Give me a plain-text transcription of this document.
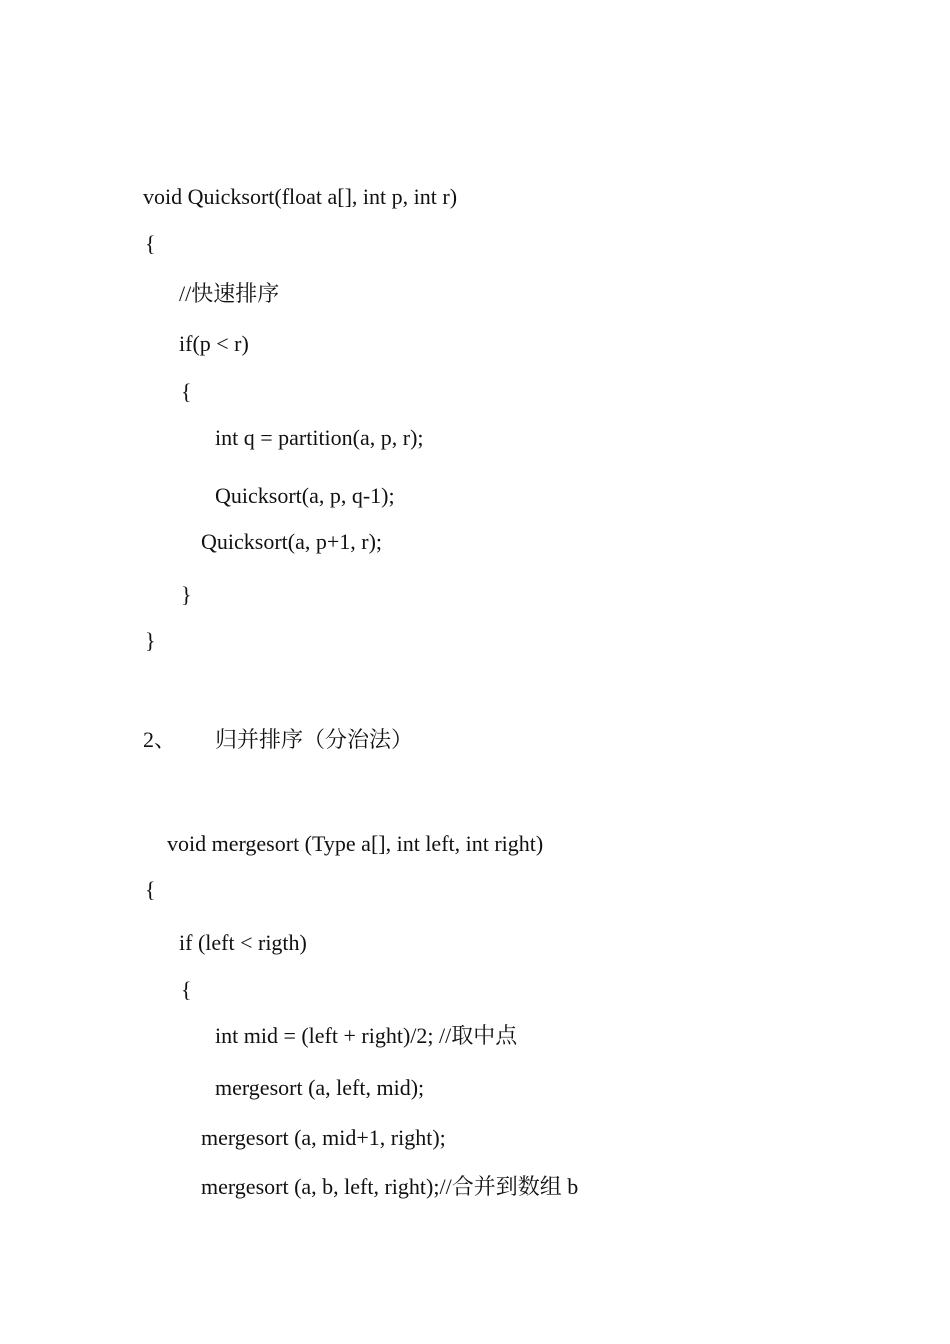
void Quicksort(float a[], int p, int r)
{
//快速排序
if(p < r)
{
int q = partition(a, p, r);
Quicksort(a, p, q-1);
Quicksort(a, p+1, r);
}
}
2、 归并排序（分治法）
void mergesort (Type a[], int left, int right)
{
if (left < rigth)
{
int mid = (left + right)/2; //取中点
mergesort (a, left, mid);
mergesort (a, mid+1, right);
mergesort (a, b, left, right);//合并到数组 b
